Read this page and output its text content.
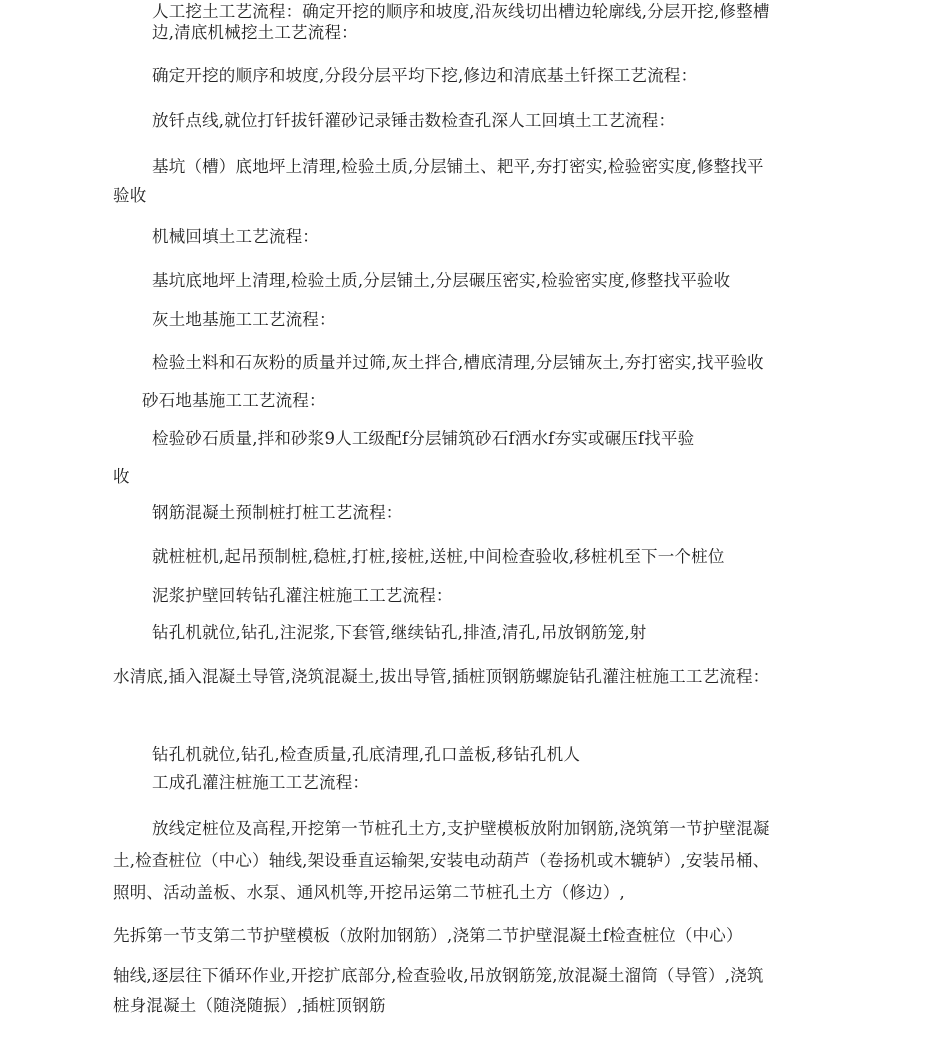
人工挖土工艺流程：确定开挖的顺序和坡度,沿灰线切出槽边轮廓线,分层开挖,修整槽
边,清底机械挖土工艺流程：
确定开挖的顺序和坡度,分段分层平均下挖,修边和清底基土钎探工艺流程：
放钎点线,就位打钎拔钎灌砂记录锤击数检查孔深人工回填土工艺流程：
基坑（槽）底地坪上清理,检验土质,分层铺土、耙平,夯打密实,检验密实度,修整找平
验收
机械回填土工艺流程：
基坑底地坪上清理,检验土质,分层铺土,分层碾压密实,检验密实度,修整找平验收
灰土地基施工工艺流程：
检验土料和石灰粉的质量并过筛,灰土拌合,槽底清理,分层铺灰土,夯打密实,找平验收
砂石地基施工工艺流程：
检验砂石质量,拌和砂浆9人工级配f分层铺筑砂石f洒水f夯实或碾压f找平验
收
钢筋混凝土预制桩打桩工艺流程：
就桩桩机,起吊预制桩,稳桩,打桩,接桩,送桩,中间检查验收,移桩机至下一个桩位
泥浆护壁回转钻孔灌注桩施工工艺流程：
钻孔机就位,钻孔,注泥浆,下套管,继续钻孔,排渣,清孔,吊放钢筋笼,射
水清底,插入混凝土导管,浇筑混凝土,拔出导管,插桩顶钢筋螺旋钻孔灌注桩施工工艺流程：
钻孔机就位,钻孔,检查质量,孔底清理,孔口盖板,移钻孔机人
工成孔灌注桩施工工艺流程：
放线定桩位及高程,开挖第一节桩孔土方,支护壁模板放附加钢筋,浇筑第一节护壁混凝
土,检查桩位（中心）轴线,架设垂直运输架,安装电动葫芦（卷扬机或木辘轳）,安装吊桶、
照明、活动盖板、水泵、通风机等,开挖吊运第二节桩孔土方（修边）,
先拆第一节支第二节护壁模板（放附加钢筋）,浇第二节护壁混凝土f检查桩位（中心）
轴线,逐层往下循环作业,开挖扩底部分,检查验收,吊放钢筋笼,放混凝土溜筒（导管）,浇筑
桩身混凝土（随浇随振）,插桩顶钢筋
